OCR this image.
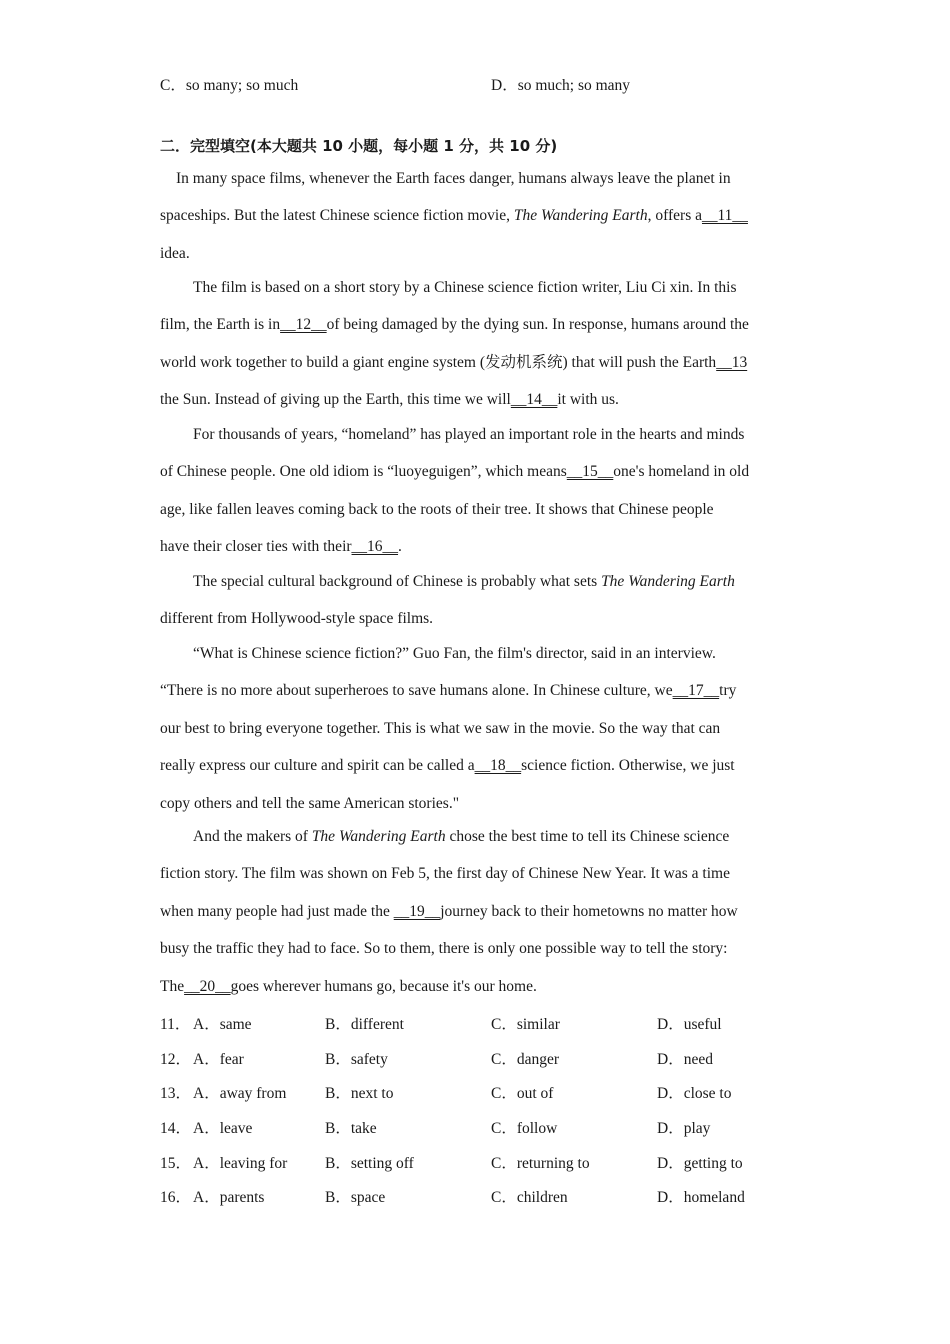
C．so many; so much	D．so much; so many
二．完型填空(本大题共 10 小题，每小题 1 分，共 10 分)
In many space films, whenever the Earth faces danger, humans always leave the planet in
spaceships. But the latest Chinese science fiction movie, The Wandering Earth, offers a__11__
idea.
The film is based on a short story by a Chinese science fiction writer, Liu Ci xin. In this
film, the Earth is in__12__of being damaged by the dying sun. In response, humans around the
world work together to build a giant engine system (发动机系统) that will push the Earth__13
the Sun. Instead of giving up the Earth, this time we will__14__it with us.
For thousands of years, “homeland” has played an important role in the hearts and minds
of Chinese people. One old idiom is “luoyeguigen”, which means__15__one's homeland in old
age, like fallen leaves coming back to the roots of their tree. It shows that Chinese people
have their closer ties with their__16__.
The special cultural background of Chinese is probably what sets The Wandering Earth
different from Hollywood-style space films.
“What is Chinese science fiction?” Guo Fan, the film's director, said in an interview.
“There is no more about superheroes to save humans alone. In Chinese culture, we__17__try
our best to bring everyone together. This is what we saw in the movie. So the way that can
really express our culture and spirit can be called a__18__science fiction. Otherwise, we just
copy others and tell the same American stories."
And the makers of The Wandering Earth chose the best time to tell its Chinese science
fiction story. The film was shown on Feb 5, the first day of Chinese New Year. It was a time
when many people had just made the __19__journey back to their hometowns no matter how
busy the traffic they had to face. So to them, there is only one possible way to tell the story:
The__20__goes wherever humans go, because it's our home.
11． A．same	B．different	C．similar	D．useful
12． A．fear	B．safety	C．danger	D．need
13． A．away from B．next to	C．out of	D．close to
14． A．leave	B．take	C．follow	D．play
15． A．leaving for B．setting off	C．returning to	D．getting to
16． A．parents	B．space	C．children	D．homeland
